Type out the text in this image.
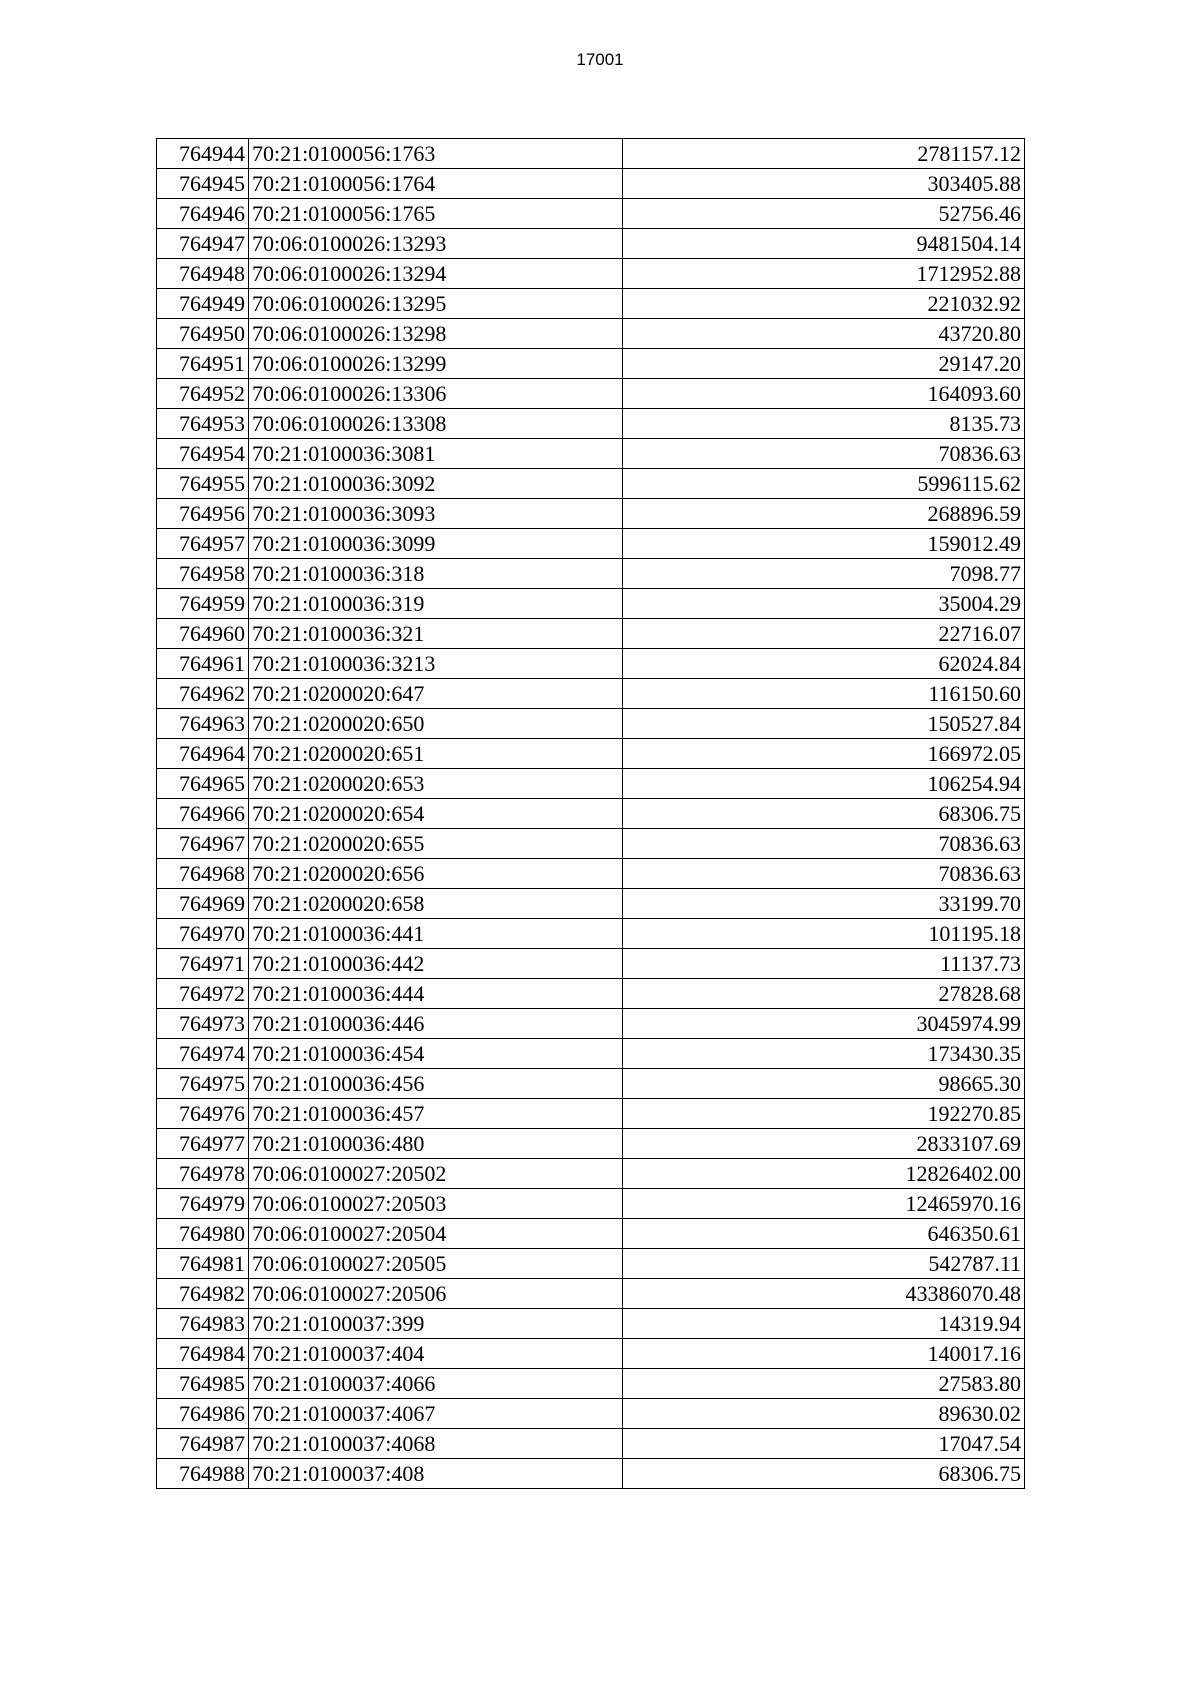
17001
764944	70:21:0100056:1763	2781157.12
764945	70:21:0100056:1764	303405.88
764946	70:21:0100056:1765	52756.46
764947	70:06:0100026:13293	9481504.14
764948	70:06:0100026:13294	1712952.88
764949	70:06:0100026:13295	221032.92
764950	70:06:0100026:13298	43720.80
764951	70:06:0100026:13299	29147.20
764952	70:06:0100026:13306	164093.60
764953	70:06:0100026:13308	8135.73
764954	70:21:0100036:3081	70836.63
764955	70:21:0100036:3092	5996115.62
764956	70:21:0100036:3093	268896.59
764957	70:21:0100036:3099	159012.49
764958	70:21:0100036:318	7098.77
764959	70:21:0100036:319	35004.29
764960	70:21:0100036:321	22716.07
764961	70:21:0100036:3213	62024.84
764962	70:21:0200020:647	116150.60
764963	70:21:0200020:650	150527.84
764964	70:21:0200020:651	166972.05
764965	70:21:0200020:653	106254.94
764966	70:21:0200020:654	68306.75
764967	70:21:0200020:655	70836.63
764968	70:21:0200020:656	70836.63
764969	70:21:0200020:658	33199.70
764970	70:21:0100036:441	101195.18
764971	70:21:0100036:442	11137.73
764972	70:21:0100036:444	27828.68
764973	70:21:0100036:446	3045974.99
764974	70:21:0100036:454	173430.35
764975	70:21:0100036:456	98665.30
764976	70:21:0100036:457	192270.85
764977	70:21:0100036:480	2833107.69
764978	70:06:0100027:20502	12826402.00
764979	70:06:0100027:20503	12465970.16
764980	70:06:0100027:20504	646350.61
764981	70:06:0100027:20505	542787.11
764982	70:06:0100027:20506	43386070.48
764983	70:21:0100037:399	14319.94
764984	70:21:0100037:404	140017.16
764985	70:21:0100037:4066	27583.80
764986	70:21:0100037:4067	89630.02
764987	70:21:0100037:4068	17047.54
764988	70:21:0100037:408	68306.75
